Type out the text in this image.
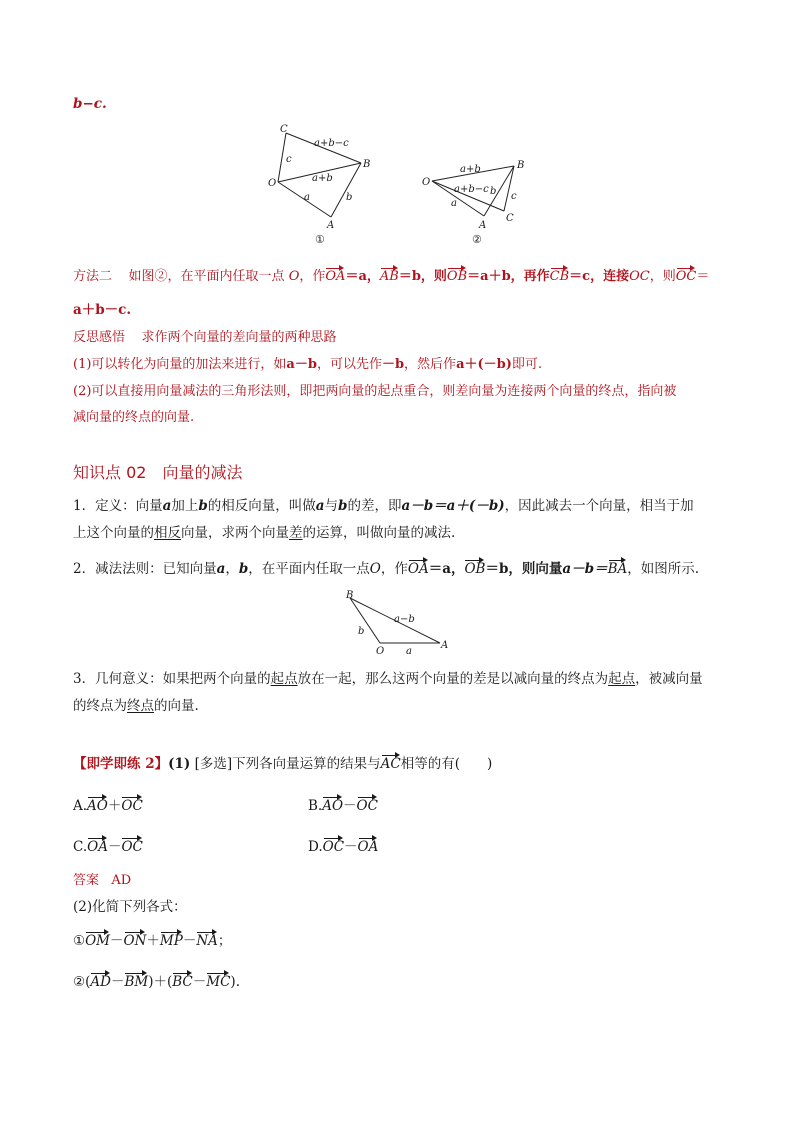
b−c.
C
O
B
A
c
a+b−c
a+b
a	b
①
O
B
A
C
a+b
a+b−c
a
b c
②
方法二 如图②，在平面内任取一点 O，作OA＝a，AB＝b，则OB＝a＋b，再作CB＝c，连接OC，则OC＝
a＋b－c.
反思感悟 求作两个向量的差向量的两种思路
(1)可以转化为向量的加法来进行，如a－b，可以先作－b，然后作a＋(－b)即可.
(2)可以直接用向量减法的三角形法则，即把两向量的起点重合，则差向量为连接两个向量的终点，指向被
减向量的终点的向量.
知识点 02 向量的减法
1．定义：向量a加上b的相反向量，叫做a与b的差，即a－b＝a＋(－b)，因此减去一个向量，相当于加
上这个向量的相反向量，求两个向量差的运算，叫做向量的减法.
2．减法法则：已知向量a，b，在平面内任取一点O，作OA＝a，OB＝b，则向量a－b＝BA，如图所示.
B
O
A
a−b
b
a
3．几何意义：如果把两个向量的起点放在一起，那么这两个向量的差是以减向量的终点为起点，被减向量
的终点为终点的向量.
【即学即练 2】(1) [多选]下列各向量运算的结果与AC相等的有(　　)
A.AO＋OC	B.AO－OC
C.OA－OC	D.OC－OA
答案 AD
(2)化简下列各式：
①OM－ON＋MP－NA；
②(AD－BM)＋(BC－MC).
